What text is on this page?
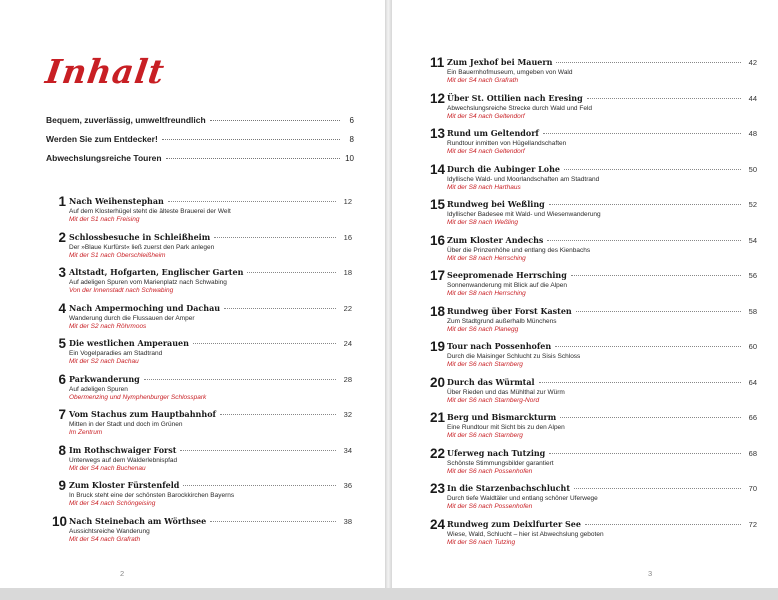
Inhalt
Bequem, zuverlässig, umweltfreundlich	6
Werden Sie zum Entdecker!	8
Abwechslungsreiche Touren	10
1 Nach Weihenstephan	12
Auf dem Klosterhügel steht die älteste Brauerei der Welt
Mit der S1 nach Freising
2 Schlossbesuche in Schleißheim	16
Der »Blaue Kurfürst« ließ zuerst den Park anlegen
Mit der S1 nach Oberschleißheim
3 Altstadt, Hofgarten, Englischer Garten	18
Auf adeligen Spuren vom Marienplatz nach Schwabing
Von der Innenstadt nach Schwabing
4 Nach Ampermoching und Dachau	22
Wanderung durch die Flussauen der Amper
Mit der S2 nach Röhrmoos
5 Die westlichen Amperauen	24
Ein Vogelparadies am Stadtrand
Mit der S2 nach Dachau
6 Parkwanderung	28
Auf adeligen Spuren
Obermenzing und Nymphenburger Schlosspark
7 Vom Stachus zum Hauptbahnhof	32
Mitten in der Stadt und doch im Grünen
Im Zentrum
8 Im Rothschwaiger Forst	34
Unterwegs auf dem Walderlebnispfad
Mit der S4 nach Buchenau
9 Zum Kloster Fürstenfeld	36
In Bruck steht eine der schönsten Barockkirchen Bayerns
Mit der S4 nach Schöngeising
10 Nach Steinebach am Wörthsee	38
Aussichtsreiche Wanderung
Mit der S4 nach Grafrath
2
11 Zum Jexhof bei Mauern	42
Ein Bauernhofmuseum, umgeben von Wald
Mit der S4 nach Grafrath
12 Über St. Ottilien nach Eresing	44
Abwechslungsreiche Strecke durch Wald und Feld
Mit der S4 nach Geltendorf
13 Rund um Geltendorf	48
Rundtour inmitten von Hügellandschaften
Mit der S4 nach Geltendorf
14 Durch die Aubinger Lohe	50
Idyllische Wald- und Moorlandschaften am Stadtrand
Mit der S8 nach Harthaus
15 Rundweg bei Weßling	52
Idyllischer Badesee mit Wald- und Wiesenwanderung
Mit der S8 nach Weßling
16 Zum Kloster Andechs	54
Über die Prinzenhöhe und entlang des Kienbachs
Mit der S8 nach Herrsching
17 Seepromenade Herrsching	56
Sonnenwanderung mit Blick auf die Alpen
Mit der S8 nach Herrsching
18 Rundweg über Forst Kasten	58
Zum Stadtgrund außerhalb Münchens
Mit der S6 nach Planegg
19 Tour nach Possenhofen	60
Durch die Maisinger Schlucht zu Sisis Schloss
Mit der S6 nach Starnberg
20 Durch das Würmtal	64
Über Rieden und das Mühlthal zur Würm
Mit der S6 nach Starnberg-Nord
21 Berg und Bismarckturm	66
Eine Rundtour mit Sicht bis zu den Alpen
Mit der S6 nach Starnberg
22 Uferweg nach Tutzing	68
Schönste Stimmungsbilder garantiert
Mit der S6 nach Possenhofen
23 In die Starzenbachschlucht	70
Durch tiefe Waldtäler und entlang schöner Uferwege
Mit der S6 nach Possenhofen
24 Rundweg zum Deixlfurter See	72
Wiese, Wald, Schlucht – hier ist Abwechslung geboten
Mit der S6 nach Tutzing
3
